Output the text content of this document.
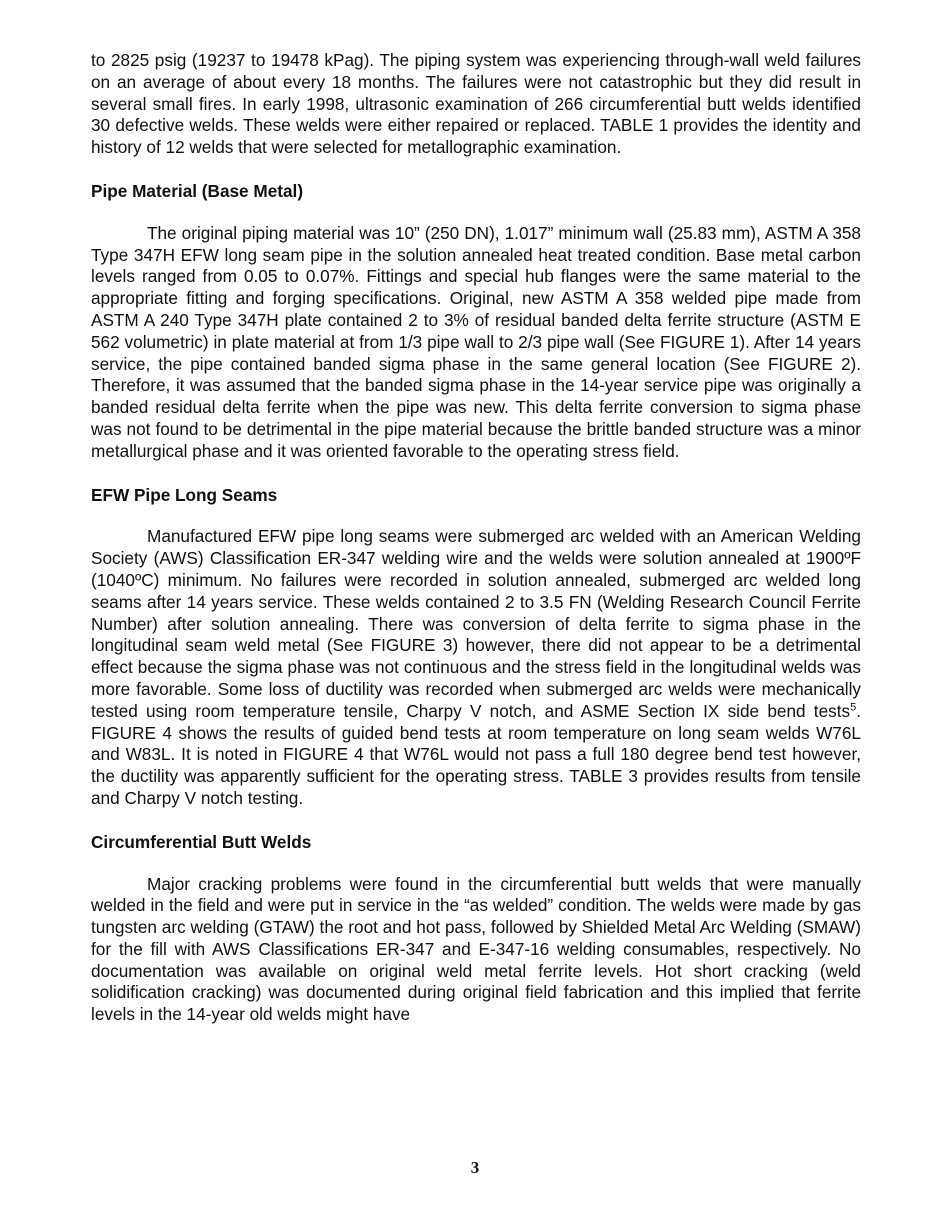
to 2825 psig (19237 to 19478 kPag). The piping system was experiencing through-wall weld failures on an average of about every 18 months. The failures were not catastrophic but they did result in several small fires. In early 1998, ultrasonic examination of 266 circumferential butt welds identified 30 defective welds. These welds were either repaired or replaced. TABLE 1 provides the identity and history of 12 welds that were selected for metallographic examination.

Pipe Material (Base Metal)

The original piping material was 10” (250 DN), 1.017” minimum wall (25.83 mm), ASTM A 358 Type 347H EFW long seam pipe in the solution annealed heat treated condition. Base metal carbon levels ranged from 0.05 to 0.07%. Fittings and special hub flanges were the same material to the appropriate fitting and forging specifications. Original, new ASTM A 358 welded pipe made from ASTM A 240 Type 347H plate contained 2 to 3% of residual banded delta ferrite structure (ASTM E 562 volumetric) in plate material at from 1/3 pipe wall to 2/3 pipe wall (See FIGURE 1). After 14 years service, the pipe contained banded sigma phase in the same general location (See FIGURE 2). Therefore, it was assumed that the banded sigma phase in the 14-year service pipe was originally a banded residual delta ferrite when the pipe was new. This delta ferrite conversion to sigma phase was not found to be detrimental in the pipe material because the brittle banded structure was a minor metallurgical phase and it was oriented favorable to the operating stress field.

EFW Pipe Long Seams

Manufactured EFW pipe long seams were submerged arc welded with an American Welding Society (AWS) Classification ER-347 welding wire and the welds were solution annealed at 1900ºF (1040ºC) minimum. No failures were recorded in solution annealed, submerged arc welded long seams after 14 years service. These welds contained 2 to 3.5 FN (Welding Research Council Ferrite Number) after solution annealing. There was conversion of delta ferrite to sigma phase in the longitudinal seam weld metal (See FIGURE 3) however, there did not appear to be a detrimental effect because the sigma phase was not continuous and the stress field in the longitudinal welds was more favorable. Some loss of ductility was recorded when submerged arc welds were mechanically tested using room temperature tensile, Charpy V notch, and ASME Section IX side bend tests$^5$. FIGURE 4 shows the results of guided bend tests at room temperature on long seam welds W76L and W83L. It is noted in FIGURE 4 that W76L would not pass a full 180 degree bend test however, the ductility was apparently sufficient for the operating stress. TABLE 3 provides results from tensile and Charpy V notch testing.

Circumferential Butt Welds

Major cracking problems were found in the circumferential butt welds that were manually welded in the field and were put in service in the “as welded” condition. The welds were made by gas tungsten arc welding (GTAW) the root and hot pass, followed by Shielded Metal Arc Welding (SMAW) for the fill with AWS Classifications ER-347 and E-347-16 welding consumables, respectively. No documentation was available on original weld metal ferrite levels. Hot short cracking (weld solidification cracking) was documented during original field fabrication and this implied that ferrite levels in the 14-year old welds might have

3
